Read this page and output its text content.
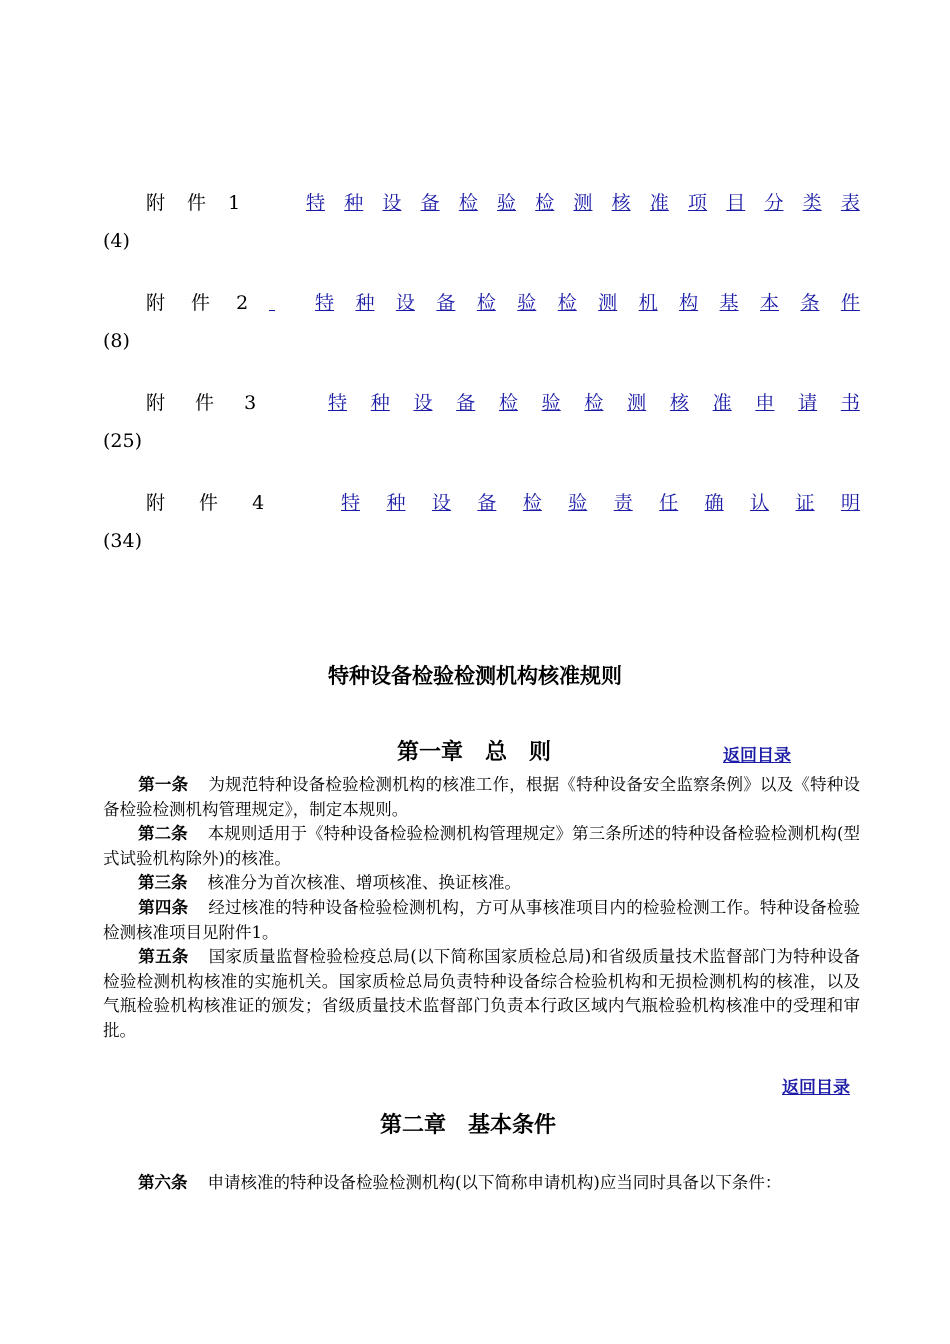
附 件 1	特 种 设 备 检 验 检 测 核 准 项 目 分 类 表
(4)
附 件 2
	特 种 设 备 检 验 检 测 机 构 基 本 条 件
(8)
附 件 3	特 种 设 备 检 验 检 测 核 准 申 请 书
(25)
附 件 4	特 种 设 备 检 验 责 任 确 认 证 明
(34)
特种设备检验检测机构核准规则
第一章　总　则	返回目录
第一条 为规范特种设备检验检测机构的核准工作，根据《特种设备安全监察条例》以及《特种设备检验检测机构管理规定》，制定本规则。
第二条 本规则适用于《特种设备检验检测机构管理规定》第三条所述的特种设备检验检测机构(型式试验机构除外)的核准。
第三条 核准分为首次核准、增项核准、换证核准。
第四条 经过核准的特种设备检验检测机构，方可从事核准项目内的检验检测工作。特种设备检验检测核准项目见附件1。
第五条 国家质量监督检验检疫总局(以下简称国家质检总局)和省级质量技术监督部门为特种设备检验检测机构核准的实施机关。国家质检总局负责特种设备综合检验机构和无损检测机构的核准，以及气瓶检验机构核准证的颁发；省级质量技术监督部门负责本行政区域内气瓶检验机构核准中的受理和审批。
返回目录
第二章　基本条件
第六条 申请核准的特种设备检验检测机构(以下简称申请机构)应当同时具备以下条件：
